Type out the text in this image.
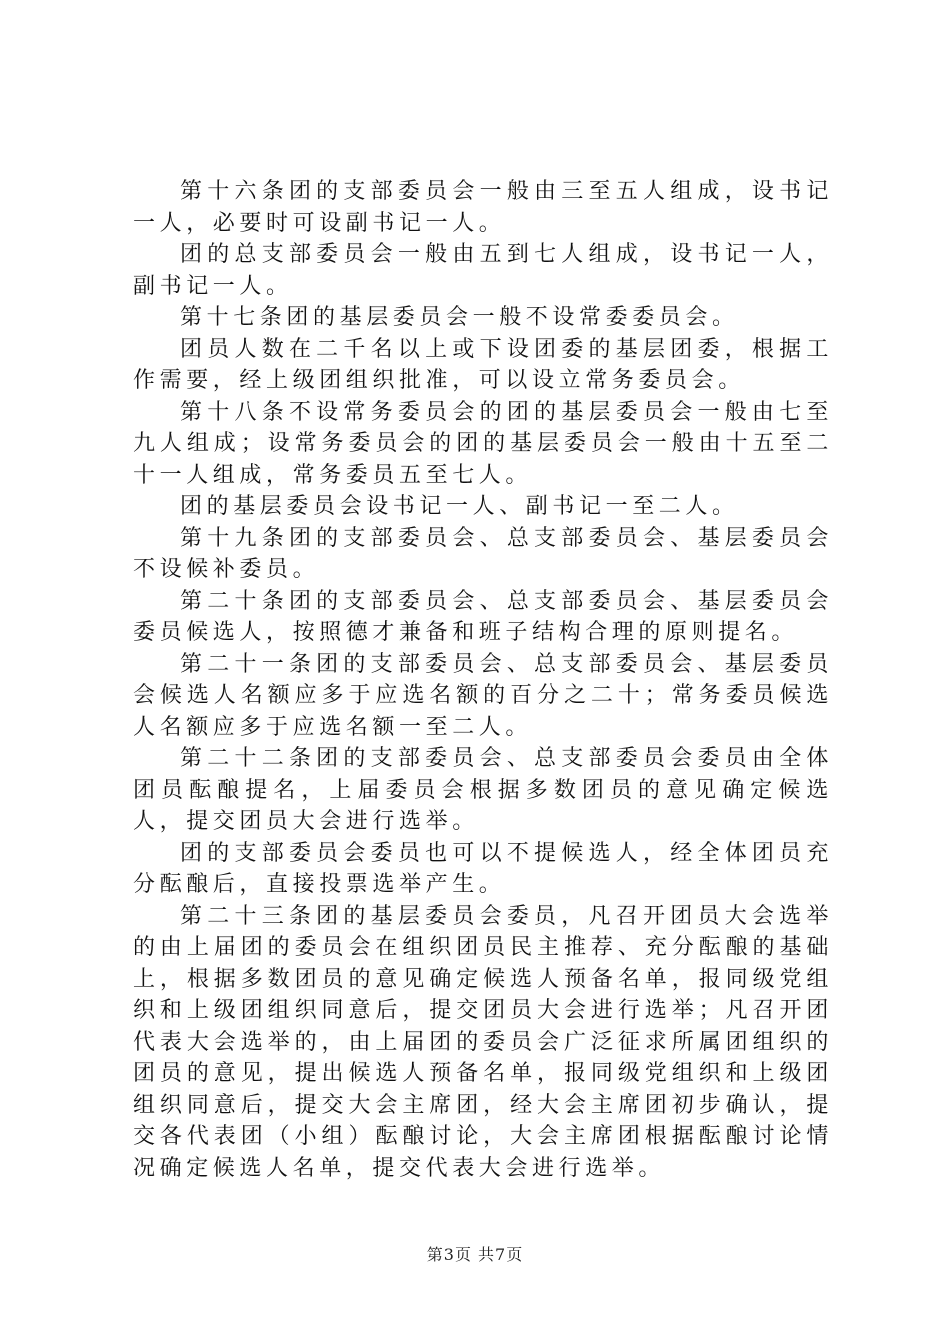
第十六条团的支部委员会一般由三至五人组成，设书记一人，必要时可设副书记一人。

团的总支部委员会一般由五到七人组成，设书记一人，副书记一人。

第十七条团的基层委员会一般不设常委委员会。

团员人数在二千名以上或下设团委的基层团委，根据工作需要，经上级团组织批准，可以设立常务委员会。

第十八条不设常务委员会的团的基层委员会一般由七至九人组成；设常务委员会的团的基层委员会一般由十五至二十一人组成，常务委员五至七人。

团的基层委员会设书记一人、副书记一至二人。

第十九条团的支部委员会、总支部委员会、基层委员会不设候补委员。

第二十条团的支部委员会、总支部委员会、基层委员会委员候选人，按照德才兼备和班子结构合理的原则提名。

第二十一条团的支部委员会、总支部委员会、基层委员会候选人名额应多于应选名额的百分之二十；常务委员候选人名额应多于应选名额一至二人。

第二十二条团的支部委员会、总支部委员会委员由全体团员酝酿提名，上届委员会根据多数团员的意见确定候选人，提交团员大会进行选举。

团的支部委员会委员也可以不提候选人，经全体团员充分酝酿后，直接投票选举产生。

第二十三条团的基层委员会委员，凡召开团员大会选举的由上届团的委员会在组织团员民主推荐、充分酝酿的基础上，根据多数团员的意见确定候选人预备名单，报同级党组织和上级团组织同意后，提交团员大会进行选举；凡召开团代表大会选举的，由上届团的委员会广泛征求所属团组织的团员的意见，提出候选人预备名单，报同级党组织和上级团组织同意后，提交大会主席团，经大会主席团初步确认，提交各代表团（小组）酝酿讨论，大会主席团根据酝酿讨论情况确定候选人名单，提交代表大会进行选举。

第3页 共7页
